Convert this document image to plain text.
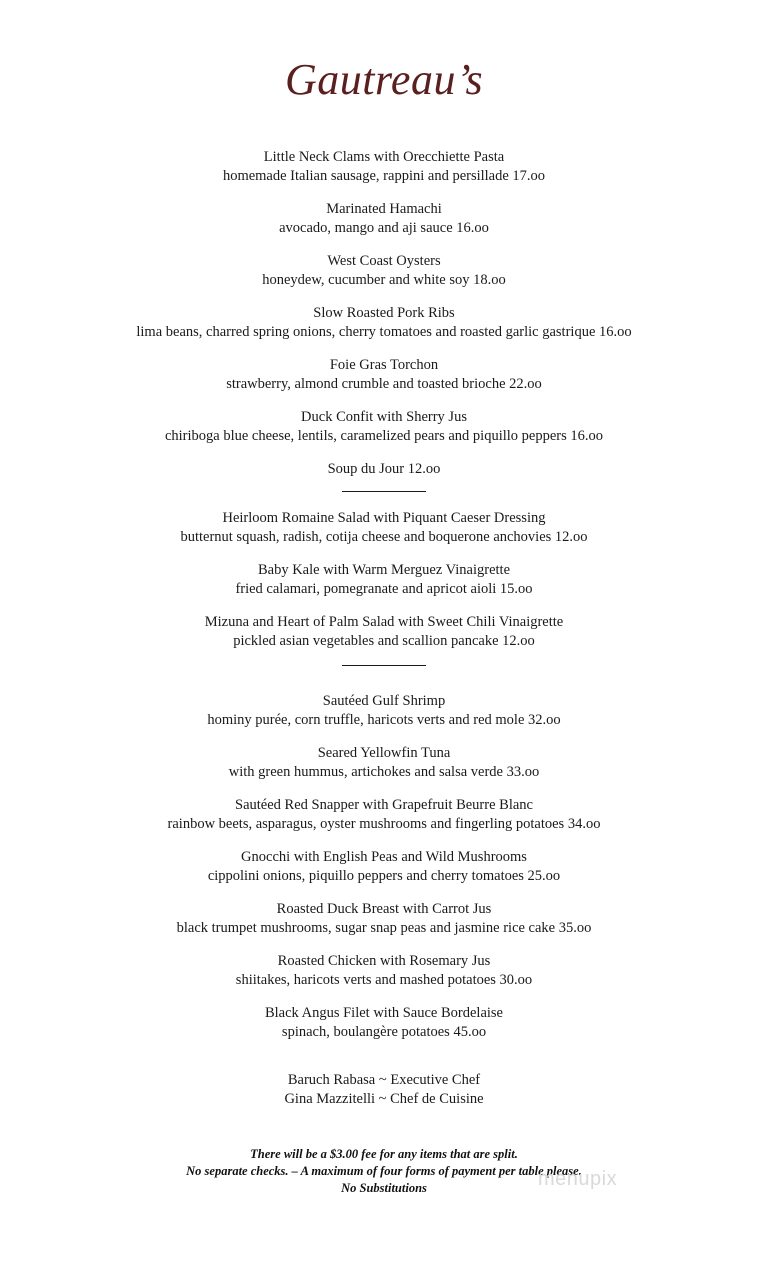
Gautreau’s
Little Neck Clams with Orecchiette Pasta
homemade Italian sausage, rappini and persillade 17.oo
Marinated Hamachi
avocado, mango and aji sauce 16.oo
West Coast Oysters
honeydew, cucumber and white soy 18.oo
Slow Roasted Pork Ribs
lima beans, charred spring onions, cherry tomatoes and roasted garlic gastrique 16.oo
Foie Gras Torchon
strawberry, almond crumble and toasted brioche 22.oo
Duck Confit with Sherry Jus
chiriboga blue cheese, lentils, caramelized pears and piquillo peppers 16.oo
Soup du Jour 12.oo
Heirloom Romaine Salad with Piquant Caeser Dressing
butternut squash, radish, cotija cheese and boquerone anchovies 12.oo
Baby Kale with Warm Merguez Vinaigrette
fried calamari, pomegranate and apricot aioli 15.oo
Mizuna and Heart of Palm Salad with Sweet Chili Vinaigrette
pickled asian vegetables and scallion pancake 12.oo
Sautéed Gulf Shrimp
hominy purée, corn truffle, haricots verts and red mole 32.oo
Seared Yellowfin Tuna
with green hummus, artichokes and salsa verde 33.oo
Sautéed Red Snapper with Grapefruit Beurre Blanc
rainbow beets, asparagus, oyster mushrooms and fingerling potatoes 34.oo
Gnocchi with English Peas and Wild Mushrooms
cippolini onions, piquillo peppers and cherry tomatoes 25.oo
Roasted Duck Breast with Carrot Jus
black trumpet mushrooms, sugar snap peas and jasmine rice cake 35.oo
Roasted Chicken with Rosemary Jus
shiitakes, haricots verts and mashed potatoes 30.oo
Black Angus Filet with Sauce Bordelaise
spinach, boulangère potatoes 45.oo
Baruch Rabasa ~ Executive Chef
Gina Mazzitelli ~ Chef de Cuisine
There will be a $3.00 fee for any items that are split.
No separate checks. – A maximum of four forms of payment per table please.
No Substitutions	menupix
